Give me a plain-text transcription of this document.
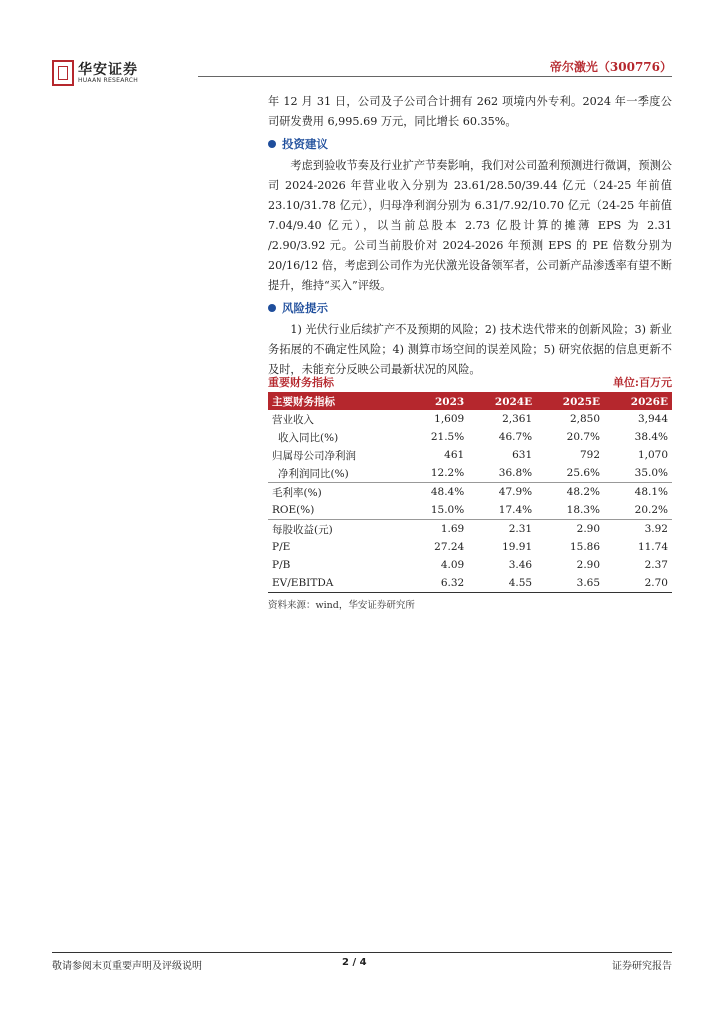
华安证券
HUAAN RESEARCH
帝尔激光（300776）

年 12 月 31 日，公司及子公司合计拥有 262 项境内外专利。2024 年一季度公司研发费用 6,995.69 万元，同比增长 60.35%。

投资建议

考虑到验收节奏及行业扩产节奏影响，我们对公司盈利预测进行微调，预测公司 2024-2026 年营业收入分别为 23.61/28.50/39.44 亿元（24-25 年前值 23.10/31.78 亿元），归母净利润分别为 6.31/7.92/10.70 亿元（24-25 年前值 7.04/9.40 亿元），以当前总股本 2.73 亿股计算的摊薄 EPS 为 2.31 /2.90/3.92 元。公司当前股价对 2024-2026 年预测 EPS 的 PE 倍数分别为 20/16/12 倍，考虑到公司作为光伏激光设备领军者，公司新产品渗透率有望不断提升，维持“买入”评级。

风险提示

1) 光伏行业后续扩产不及预期的风险；2) 技术迭代带来的创新风险；3) 新业务拓展的不确定性风险；4) 测算市场空间的误差风险；5) 研究依据的信息更新不及时，未能充分反映公司最新状况的风险。

重要财务指标	单位:百万元
主要财务指标	2023	2024E	2025E	2026E
营业收入	1,609	2,361	2,850	3,944
收入同比(%)	21.5%	46.7%	20.7%	38.4%
归属母公司净利润	461	631	792	1,070
净利润同比(%)	12.2%	36.8%	25.6%	35.0%
毛利率(%)	48.4%	47.9%	48.2%	48.1%
ROE(%)	15.0%	17.4%	18.3%	20.2%
每股收益(元)	1.69	2.31	2.90	3.92
P/E	27.24	19.91	15.86	11.74
P/B	4.09	3.46	2.90	2.37
EV/EBITDA	6.32	4.55	3.65	2.70
资料来源：wind，华安证券研究所
敬请参阅末页重要声明及评级说明	2 / 4	证券研究报告
